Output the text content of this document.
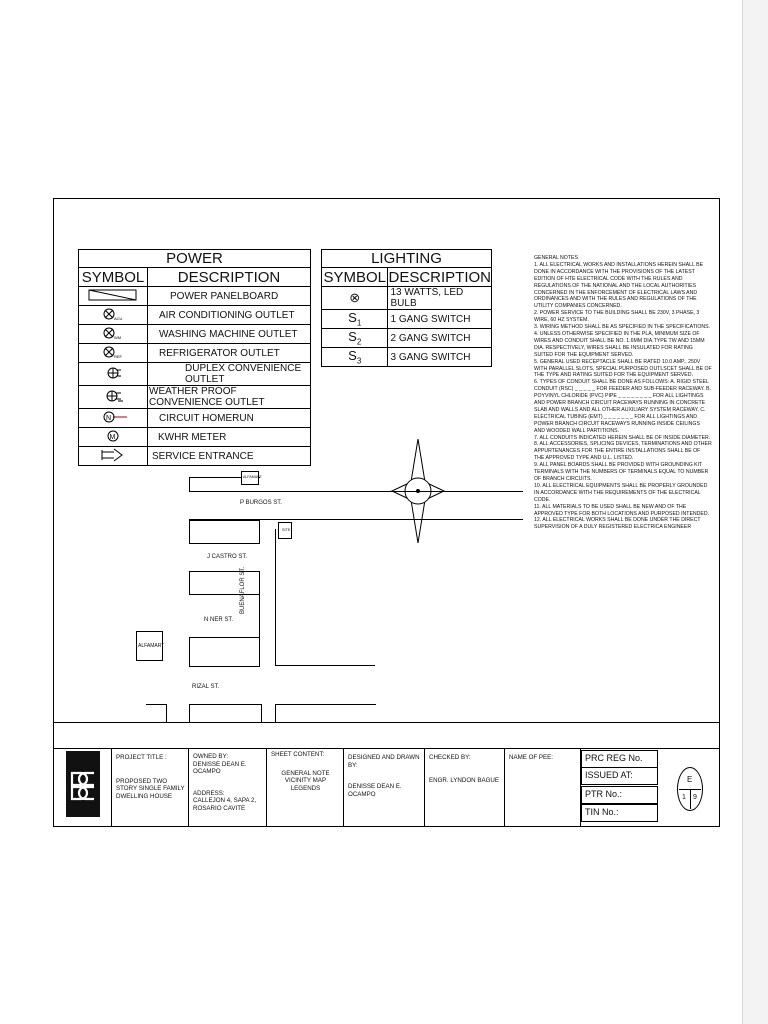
POWER	
SYMBOL	DESCRIPTION
	POWER PANELBOARD

ACU	AIR CONDITIONING OUTLET

WM	WASHING MACHINE OUTLET

REF	REFRIGERATOR OUTLET
	DUPLEX CONVENIENCE OUTLET
	WEATHER PROOF CONVENIENCE OUTLET

N	CIRCUIT HOMERUN

M	KWHR METER
	SERVICE ENTRANCE
LIGHTING	
SYMBOL	DESCRIPTION
⊗	13 WATTS, LED BULB
$S_1$	1 GANG SWITCH
$S_2$	2 GANG SWITCH
$S_3$	3 GANG SWITCH
GENERAL NOTES
1. ALL ELECTRICAL WORKS AND INSTALLATIONS HEREIN SHALL BE DONE IN ACCORDANCE WITH THE PROVISIONS OF THE LATEST EDITION OF HTE ELECTRICAL CODE WITH THE RULES AND REGULATIONS OF THE NATIONAL AND THE LOCAL AUTHORITIES CONCERNED IN THE ENFORCEMENT OF ELECTRICAL LAWS AND ORDINANCES AND WITH THE RULES AND REGULATIONS OF THE UTILITY COMPANIES CONCERNED.
2. POWER SERVICE TO THE BUILDING SHALL BE 230V, 3 PHASE, 3 WIRE, 60 HZ SYSTEM.
3. WIRING METHOD SHALL BE AS SPECIFIED IN THE SPECIFICATIONS.
4. UNLESS OTHERWISE SPECIFIED IN THE PLA, MINIMUM SIZE OF WIRES AND CONDUIT SHALL BE NO. 1.6MM DIA.TYPE TW AND 15MM DIA. RESPECTIVELY, WIRES SHALL BE INSULATED FOR RATING SUITED FOR THE EQUIPMENT SERVED.
5. GENERAL USED RECEPTACLE SHALL BE RATED 10.0 AMP., 250V WITH PARALLEL SLOTS, SPECIAL PURPOSED OUTLSCET SHALL BE OF THE TYPE AND RATING SUITED FOR THE EQUIPMENT SERVED.
6. TYPES OF CONDUIT SHALL BE DONE AS FOLLOWS: A. RIGID STEEL CONDUIT (RSC) _ _ _ _ _ FOR FEEDER AND SUB-FEEDER RACEWAY. B. POYVINYL CHLORIDE (PVC) PIPE _ _ _ _ _ _ _ _ FOR ALL LIGHTINGS AND POWER BRANCH CIRCUIT RACEWAYS RUNNING IN CONCRETE SLAB AND WALLS AND ALL OTHER AUXILIARY SYSTEM RACEWAY. C. ELECTRICAL TUBING (EMT) _ _ _ _ _ _ _ FOR ALL LIGHTINGS AND POWER BRANCH CIRCUIT RACEWAYS RUNNING INSIDE CEILINGS AND WOODED WALL PARTITIONS.
7. ALL CONDUITS INDICATED HEREIN SHALL BE OF INSIDE DIAMETER.
8. ALL ACCESSORIES, SPLICING DEVICES, TERMINATIONS AND OTHER APPURTENANCES FOR THE ENTIRE INSTALLATIONS SHALL BE OF THE APPROVED TYPE AND U.L. LISTED.
9. ALL PANEL BOARDS SHALL BE PROVIDED WITH GROUNDING KIT TERMINALS WITH THE NUMBERS OF TERMINALS EQUAL TO NUMBER OF BRANCH CIRCUITS.
10. ALL ELECTRICAL EQUIPMENTS SHALL BE PROPERLY GROUNDED IN ACCORDANCE WITH THE REQUIREMENTS OF THE ELECTRICAL CODE.
11. ALL MATERIALS TO BE USED SHALL BE NEW AND OF THE APPROVED TYPE FOR BOTH LOCATIONS AND PURPOSED INTENDED.
12. ALL ELECTRICAL WORKS SHALL BE DONE UNDER THE DIRECT SUPERVISION OF A DULY REGISTERED ELECTRICA ENGINEER
ALFAMART
P BURGOS ST.
SITE
J CASTRO ST.
N NER ST.
BUENAFLOR ST.
ALFAMART
RIZAL ST.
PROJECT TITLE :
PROPOSED TWO STORY SINGLE FAMILY DWELLING HOUSE
OWNED BY:
DENISSE DEAN E. OCAMPO
ADDRESS:
CALLEJON 4, SAPA 2, ROSARIO CAVITE
SHEET CONTENT:
GENERAL NOTE
VICINITY MAP
LEGENDS
DESIGNED AND DRAWN BY:
DENISSE DEAN E. OCAMPO
CHECKED BY:
ENGR. LYNDON BAGUE
NAME OF PEE:	PRC REG No.
ISSUED AT:
PTR No.:
TIN No.:
E
1 9
